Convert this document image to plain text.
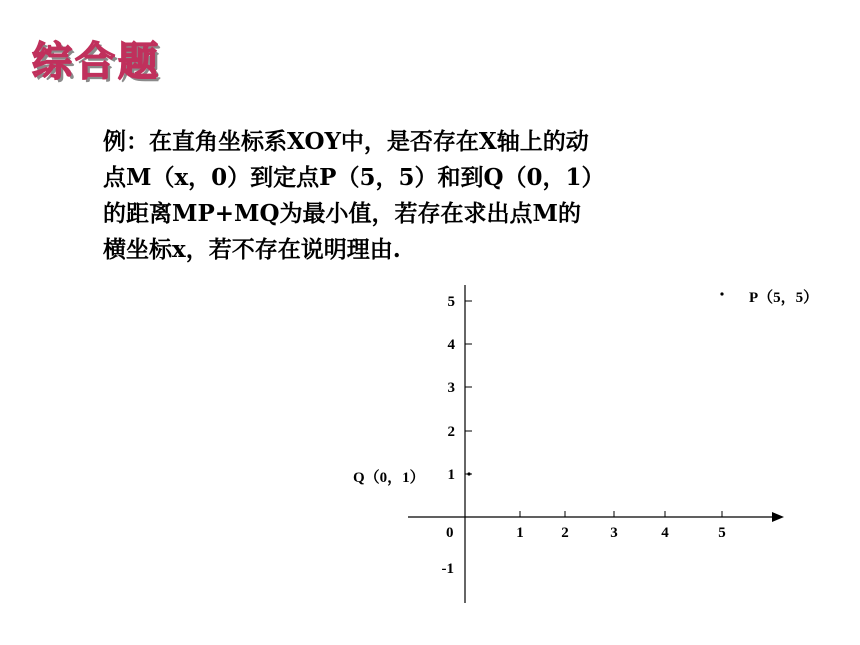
综合题
例：在直角坐标系XOY中，是否存在X轴上的动
点M（x，0）到定点P（5，5）和到Q（0，1）
的距离MP+MQ为最小值，若存在求出点M的
横坐标x，若不存在说明理由.
0	1	2	3	4	5
5
4
3
2
1
-1
P（5，5）
Q（0，1）
